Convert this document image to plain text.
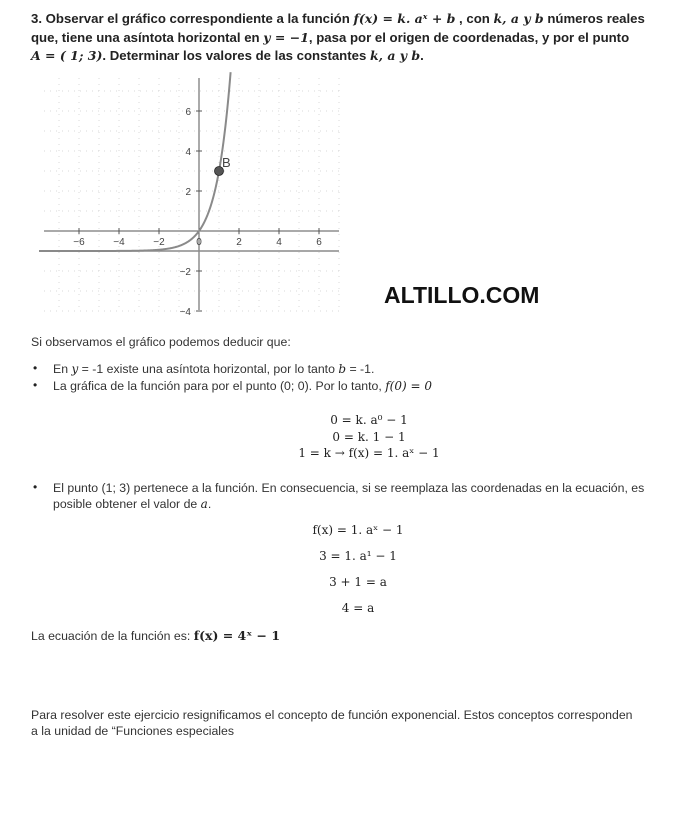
3. Observar el gráfico correspondiente a la función f(x) = k. aˣ + b , con k, a y b números reales
que, tiene una asíntota horizontal en y = −1, pasa por el origen de coordenadas, y por el punto
A = ( 1; 3). Determinar los valores de las constantes k, a y b.
−6	−4	−2	0	2	4	6
−4
−2
2
4
6
B
ALTILLO.COM
Si observamos el gráfico podemos deducir que:
• En y = -1 existe una asíntota horizontal, por lo tanto b = -1.
• La gráfica de la función para por el punto (0; 0). Por lo tanto, f(0) = 0
0 = k. a⁰ − 1
0 = k. 1 − 1
1 = k → f(x) = 1. aˣ − 1
• El punto (1; 3) pertenece a la función. En consecuencia, si se reemplaza las coordenadas en la ecuación, es
posible obtener el valor de a.
f(x) = 1. aˣ − 1
3 = 1. a¹ − 1
3 + 1 = a
4 = a
La ecuación de la función es: f(x) = 4ˣ − 1
Para resolver este ejercicio resignificamos el concepto de función exponencial. Estos conceptos corresponden
a la unidad de “Funciones especiales
